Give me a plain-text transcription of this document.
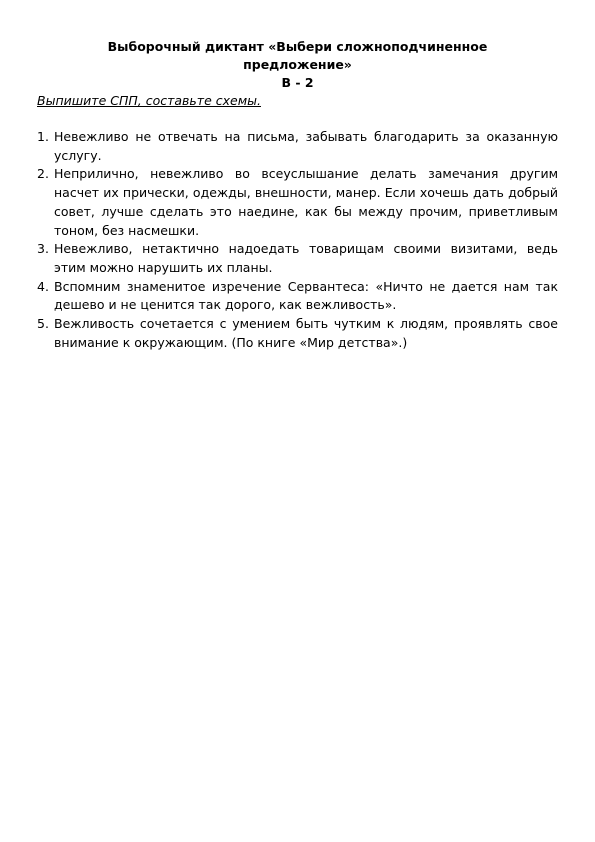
Выборочный диктант «Выбери сложноподчиненное
предложение»
В - 2
Выпишите СПП, составьте схемы.
1. Невежливо не отвечать на письма, забывать благодарить за оказанную услугу.
2. Неприлично, невежливо во всеуслышание делать замечания другим насчет их прически, одежды, внешности, манер. Если хочешь дать добрый совет, лучше сделать это наедине, как бы между прочим, приветливым тоном, без насмешки.
3. Невежливо, нетактично надоедать товарищам своими визитами, ведь этим можно нарушить их планы.
4. Вспомним знаменитое изречение Сервантеса: «Ничто не дается нам так дешево и не ценится так дорого, как вежливость».
5. Вежливость сочетается с умением быть чутким к людям, проявлять свое внимание к окружающим. (По книге «Мир детства».)
